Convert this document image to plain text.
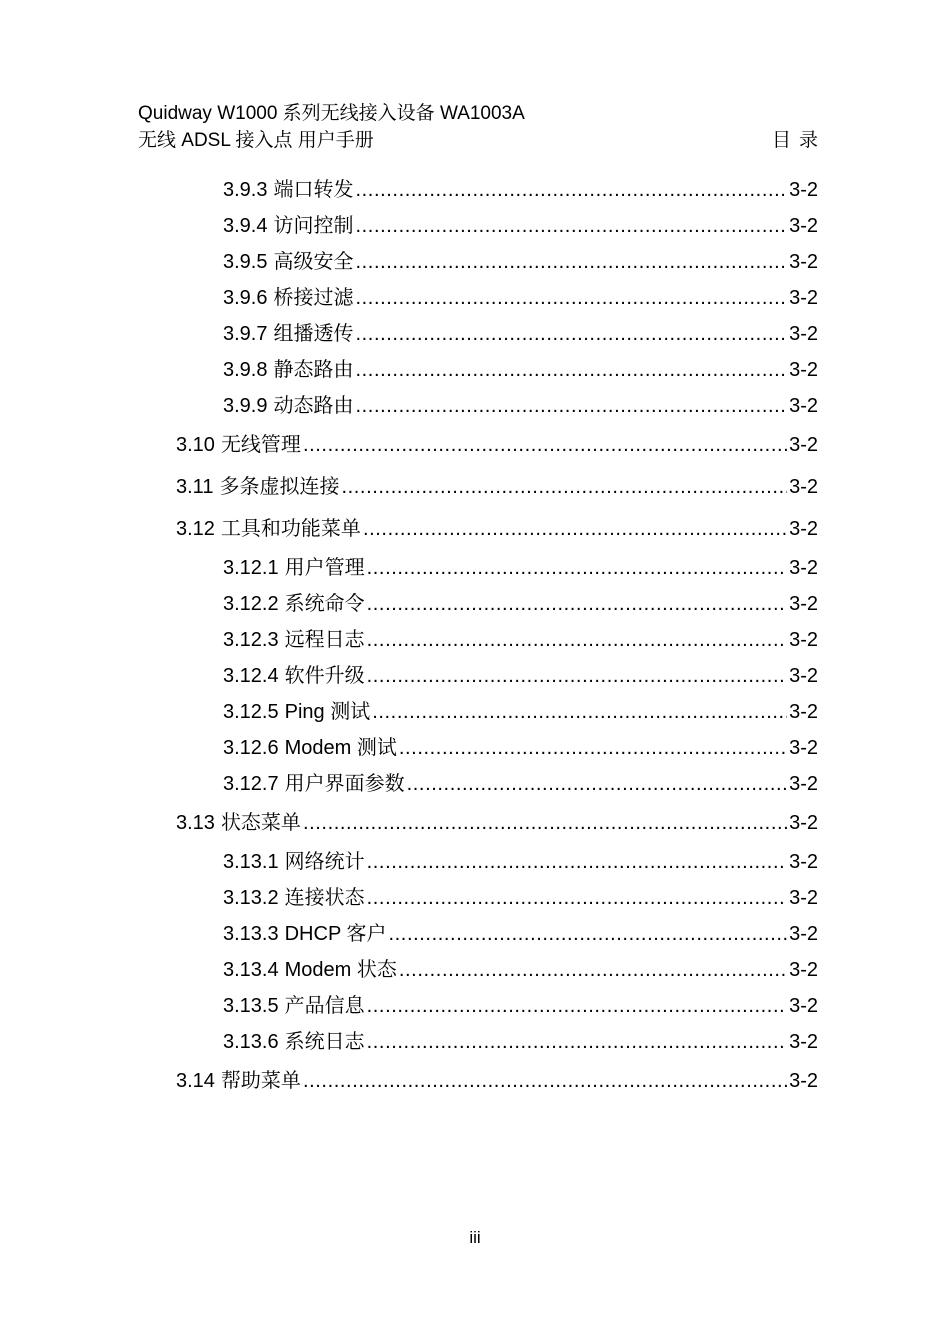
Quidway W1000 系列无线接入设备 WA1003A
无线 ADSL 接入点 用户手册	目录
3.9.3 端口转发 .....	3-2
3.9.4 访问控制 .....	3-2
3.9.5 高级安全 .....	3-2
3.9.6 桥接过滤 .....	3-2
3.9.7 组播透传 .....	3-2
3.9.8 静态路由 .....	3-2
3.9.9 动态路由 .....	3-2
3.10 无线管理 .....	3-2
3.11 多条虚拟连接 .....	3-2
3.12 工具和功能菜单 .....	3-2
3.12.1 用户管理 .....	3-2
3.12.2 系统命令 .....	3-2
3.12.3 远程日志 .....	3-2
3.12.4 软件升级 .....	3-2
3.12.5 Ping 测试 .....	3-2
3.12.6 Modem 测试 .....	3-2
3.12.7 用户界面参数 .....	3-2
3.13 状态菜单 .....	3-2
3.13.1 网络统计 .....	3-2
3.13.2 连接状态 .....	3-2
3.13.3 DHCP 客户 .....	3-2
3.13.4 Modem 状态 .....	3-2
3.13.5 产品信息 .....	3-2
3.13.6 系统日志 .....	3-2
3.14 帮助菜单 .....	3-2
iii
